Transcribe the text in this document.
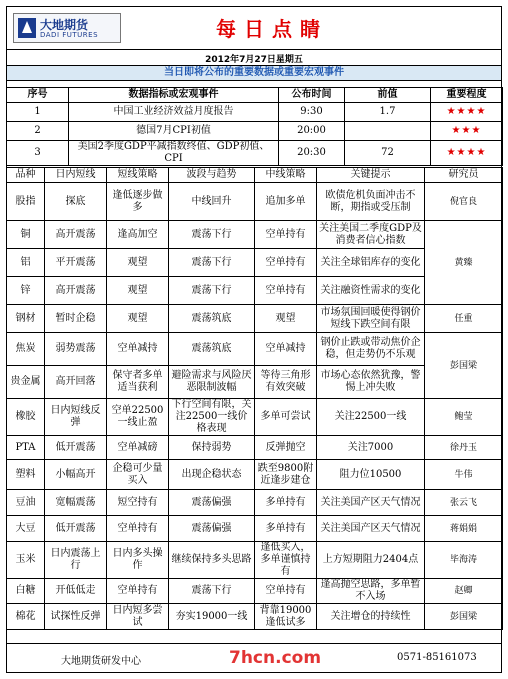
大地期货
DADI FUTURES	每日点睛
2012年7月27日星期五
当日即将公布的重要数据或重要宏观事件
序号	数据指标或宏观事件	公布时间	前值	重要程度
1	中国工业经济效益月度报告	9:30	1.7	★★★★
2	德国7月CPI初值	20:00		★★★
3	美国2季度GDP平减指数终值、GDP初值、CPI	20:30	72	★★★★
品种	日内短线	短线策略	波段与趋势	中线策略	关键提示	研究员
股指	探底	逢低逐步做多	中线回升	追加多单	欧债危机负面冲击不断，期指或受压制	倪官良
铜	高开震荡	逢高加空	震荡下行	空单持有	关注美国二季度GDP及消费者信心指数	黄臻
铝	平开震荡	观望	震荡下行	空单持有	关注全球铝库存的变化	
锌	高开震荡	观望	震荡下行	空单持有	关注融资性需求的变化	
钢材	暂时企稳	观望	震荡筑底	观望	市场氛围回暖使得钢价短线下跌空间有限	任重
焦炭	弱势震荡	空单减持	震荡筑底	空单减持	钢价止跌或带动焦价企稳，但走势仍不乐观	彭国梁
贵金属	高开回落	保守者多单适当获利	避险需求与风险厌恶限制波幅	等待三角形有效突破	市场心态依然犹豫，警惕上冲失败	
橡胶	日内短线反弹	空单22500一线止盈	下行空间有限，关注22500一线价格表现	多单可尝试	关注22500一线	鲍莹
PTA	低开震荡	空单减磅	保持弱势	反弹抛空	关注7000	徐丹玉
塑料	小幅高开	企稳可少量买入	出现企稳状态	跌至9800附近逢步建仓	阻力位10500	牛伟
豆油	宽幅震荡	短空持有	震荡偏强	多单持有	关注美国产区天气情况	张云飞
大豆	低开震荡	空单持有	震荡偏强	多单持有	关注美国产区天气情况	蒋娟娟
玉米	日内震荡上行	日内多头操作	继续保持多头思路	逢低买入，多单谨慎持有	上方短期阻力2404点	毕海涛
白糖	开低低走	空单持有	震荡下行	空单持有	逢高抛空思路，多单暂不入场	赵卿
棉花	试探性反弹	日内短多尝试	夯实19000一线	背靠19000逢低试多	关注增仓的持续性	彭国梁
大地期货研发中心	7hcn.com	0571-85161073
